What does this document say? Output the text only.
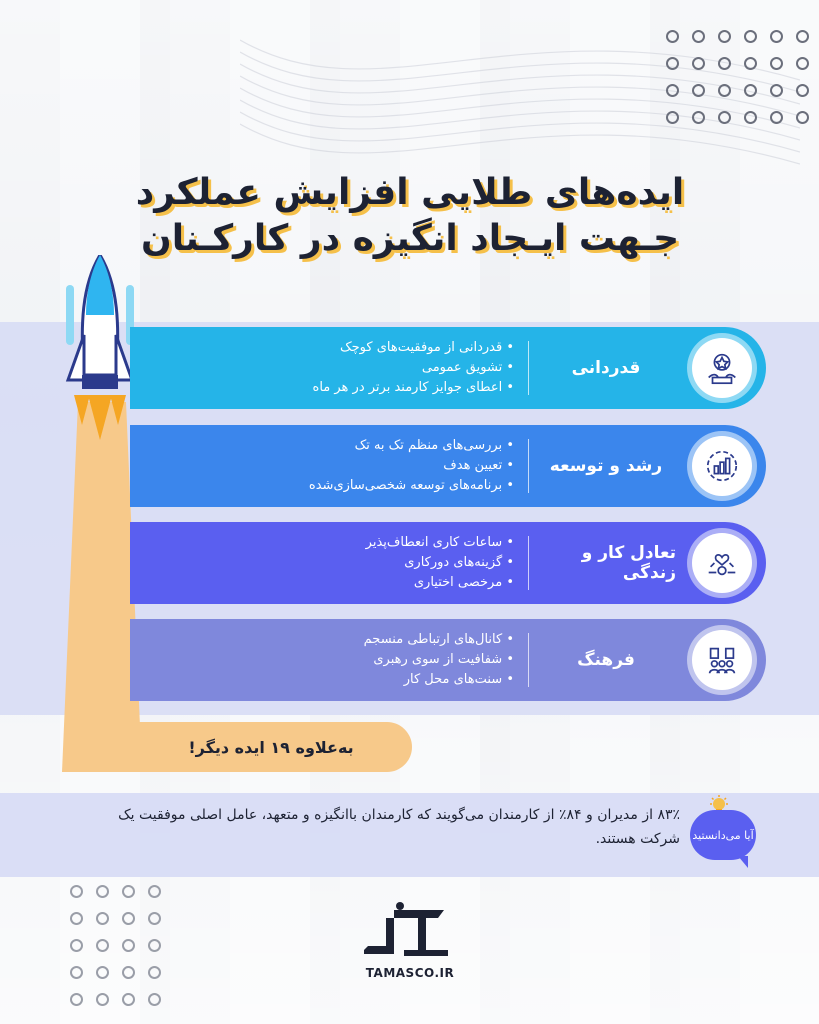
ایده‌های طلایی افزایش عملکرد
جـهت ایـجاد انگیزه در کارکـنان
قدردانی
• قدردانی از موفقیت‌های کوچک
• تشویق عمومی
• اعطای جوایز کارمند برتر در هر ماه
رشد و توسعه
• بررسی‌های منظم تک به تک
• تعیین هدف
• برنامه‌های توسعه شخصی‌سازی‌شده
تعادل کار و زندگی
• ساعات کاری انعطاف‌پذیر
• گزینه‌های دورکاری
• مرخصی اختیاری
فرهنگ
• کانال‌های ارتباطی منسجم
• شفافیت از سوی رهبری
• سنت‌های محل کار
به‌علاوه ۱۹ ایده دیگر!
آیا می‌دانستید
۸۳٪ از مدیران و ۸۴٪ از کارمندان می‌گویند که کارمندان باانگیزه و متعهد، عامل اصلی موفقیت یک شرکت هستند.
TAMASCO.IR
